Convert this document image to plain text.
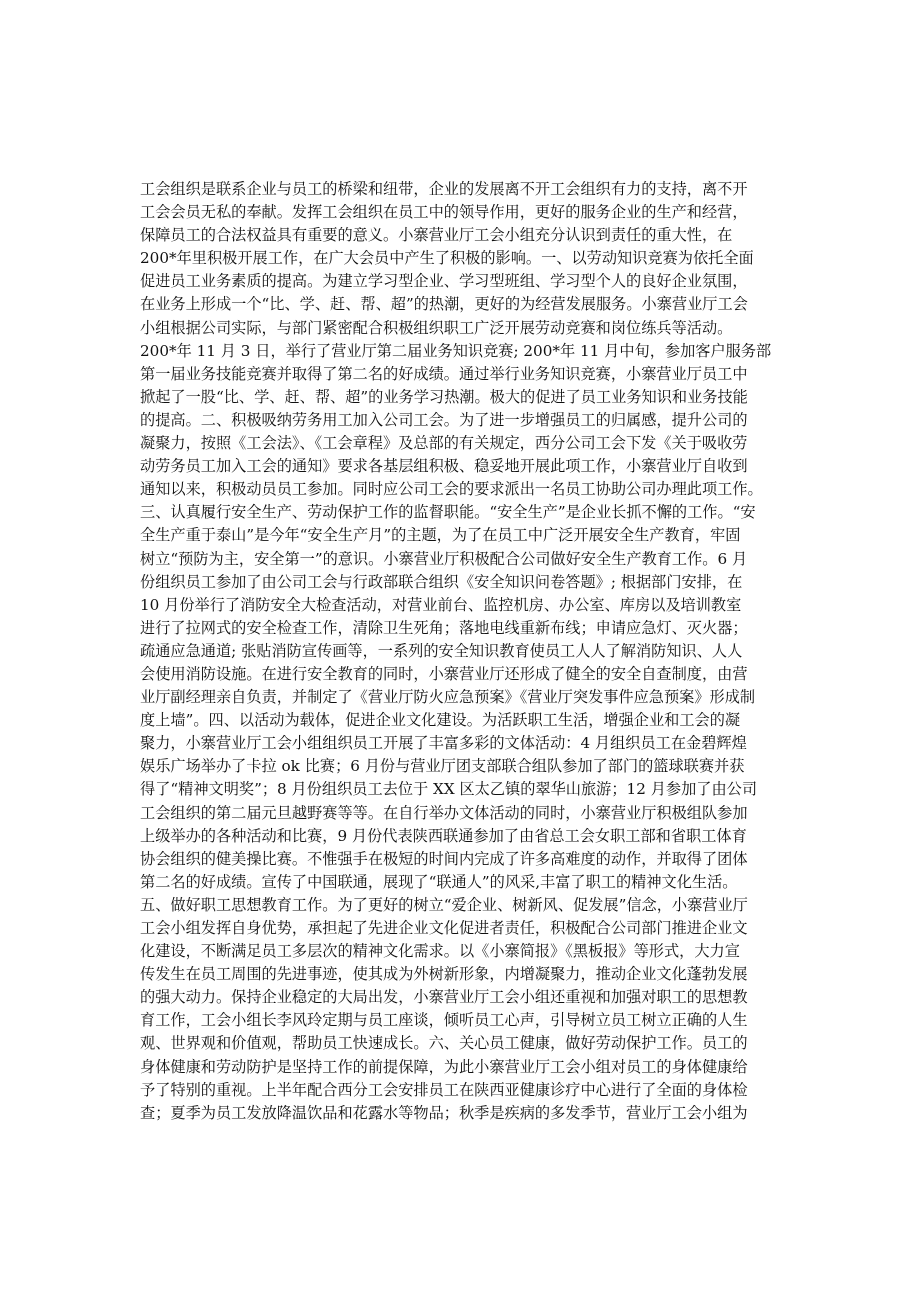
工会组织是联系企业与员工的桥梁和纽带，企业的发展离不开工会组织有力的支持，离不开
工会会员无私的奉献。发挥工会组织在员工中的领导作用，更好的服务企业的生产和经营，
保障员工的合法权益具有重要的意义。小寨营业厅工会小组充分认识到责任的重大性，在
200*年里积极开展工作，在广大会员中产生了积极的影响。一、以劳动知识竞赛为依托全面
促进员工业务素质的提高。为建立学习型企业、学习型班组、学习型个人的良好企业氛围，
在业务上形成一个“比、学、赶、帮、超”的热潮，更好的为经营发展服务。小寨营业厅工会
小组根据公司实际，与部门紧密配合积极组织职工广泛开展劳动竞赛和岗位练兵等活动。
200*年 11 月 3 日，举行了营业厅第二届业务知识竞赛; 200*年 11 月中旬，参加客户服务部
第一届业务技能竞赛并取得了第二名的好成绩。通过举行业务知识竞赛，小寨营业厅员工中
掀起了一股“比、学、赶、帮、超”的业务学习热潮。极大的促进了员工业务知识和业务技能
的提高。二、积极吸纳劳务用工加入公司工会。为了进一步增强员工的归属感，提升公司的
凝聚力，按照《工会法》、《工会章程》及总部的有关规定，西分公司工会下发《关于吸收劳
动劳务员工加入工会的通知》要求各基层组积极、稳妥地开展此项工作，小寨营业厅自收到
通知以来，积极动员员工参加。同时应公司工会的要求派出一名员工协助公司办理此项工作。
三、认真履行安全生产、劳动保护工作的监督职能。“安全生产”是企业长抓不懈的工作。“安
全生产重于泰山”是今年“安全生产月”的主题，为了在员工中广泛开展安全生产教育，牢固
树立“预防为主，安全第一”的意识。小寨营业厅积极配合公司做好安全生产教育工作。6 月
份组织员工参加了由公司工会与行政部联合组织《安全知识问卷答题》; 根据部门安排，在
10 月份举行了消防安全大检查活动，对营业前台、监控机房、办公室、库房以及培训教室
进行了拉网式的安全检查工作，清除卫生死角；落地电线重新布线；申请应急灯、灭火器；
疏通应急通道; 张贴消防宣传画等，一系列的安全知识教育使员工人人了解消防知识、人人
会使用消防设施。在进行安全教育的同时，小寨营业厅还形成了健全的安全自查制度，由营
业厅副经理亲自负责，并制定了《营业厅防火应急预案》《营业厅突发事件应急预案》形成制
度上墙”。四、以活动为载体，促进企业文化建设。为活跃职工生活，增强企业和工会的凝
聚力，小寨营业厅工会小组组织员工开展了丰富多彩的文体活动：4 月组织员工在金碧辉煌
娱乐广场举办了卡拉 ok 比赛；6 月份与营业厅团支部联合组队参加了部门的篮球联赛并获
得了“精神文明奖”；8 月份组织员工去位于 XX 区太乙镇的翠华山旅游；12 月参加了由公司
工会组织的第二届元旦越野赛等等。在自行举办文体活动的同时，小寨营业厅积极组队参加
上级举办的各种活动和比赛，9 月份代表陕西联通参加了由省总工会女职工部和省职工体育
协会组织的健美操比赛。不惟强手在极短的时间内完成了许多高难度的动作，并取得了团体
第二名的好成绩。宣传了中国联通，展现了“联通人”的风采,丰富了职工的精神文化生活。
五、做好职工思想教育工作。为了更好的树立“爱企业、树新风、促发展”信念，小寨营业厅
工会小组发挥自身优势，承担起了先进企业文化促进者责任，积极配合公司部门推进企业文
化建设，不断满足员工多层次的精神文化需求。以《小寨简报》《黑板报》等形式，大力宣
传发生在员工周围的先进事迹，使其成为外树新形象，内增凝聚力，推动企业文化蓬勃发展
的强大动力。保持企业稳定的大局出发，小寨营业厅工会小组还重视和加强对职工的思想教
育工作，工会小组长李风玲定期与员工座谈，倾听员工心声，引导树立员工树立正确的人生
观、世界观和价值观，帮助员工快速成长。六、关心员工健康，做好劳动保护工作。员工的
身体健康和劳动防护是坚持工作的前提保障，为此小寨营业厅工会小组对员工的身体健康给
予了特别的重视。上半年配合西分工会安排员工在陕西亚健康诊疗中心进行了全面的身体检
查；夏季为员工发放降温饮品和花露水等物品；秋季是疾病的多发季节，营业厅工会小组为
